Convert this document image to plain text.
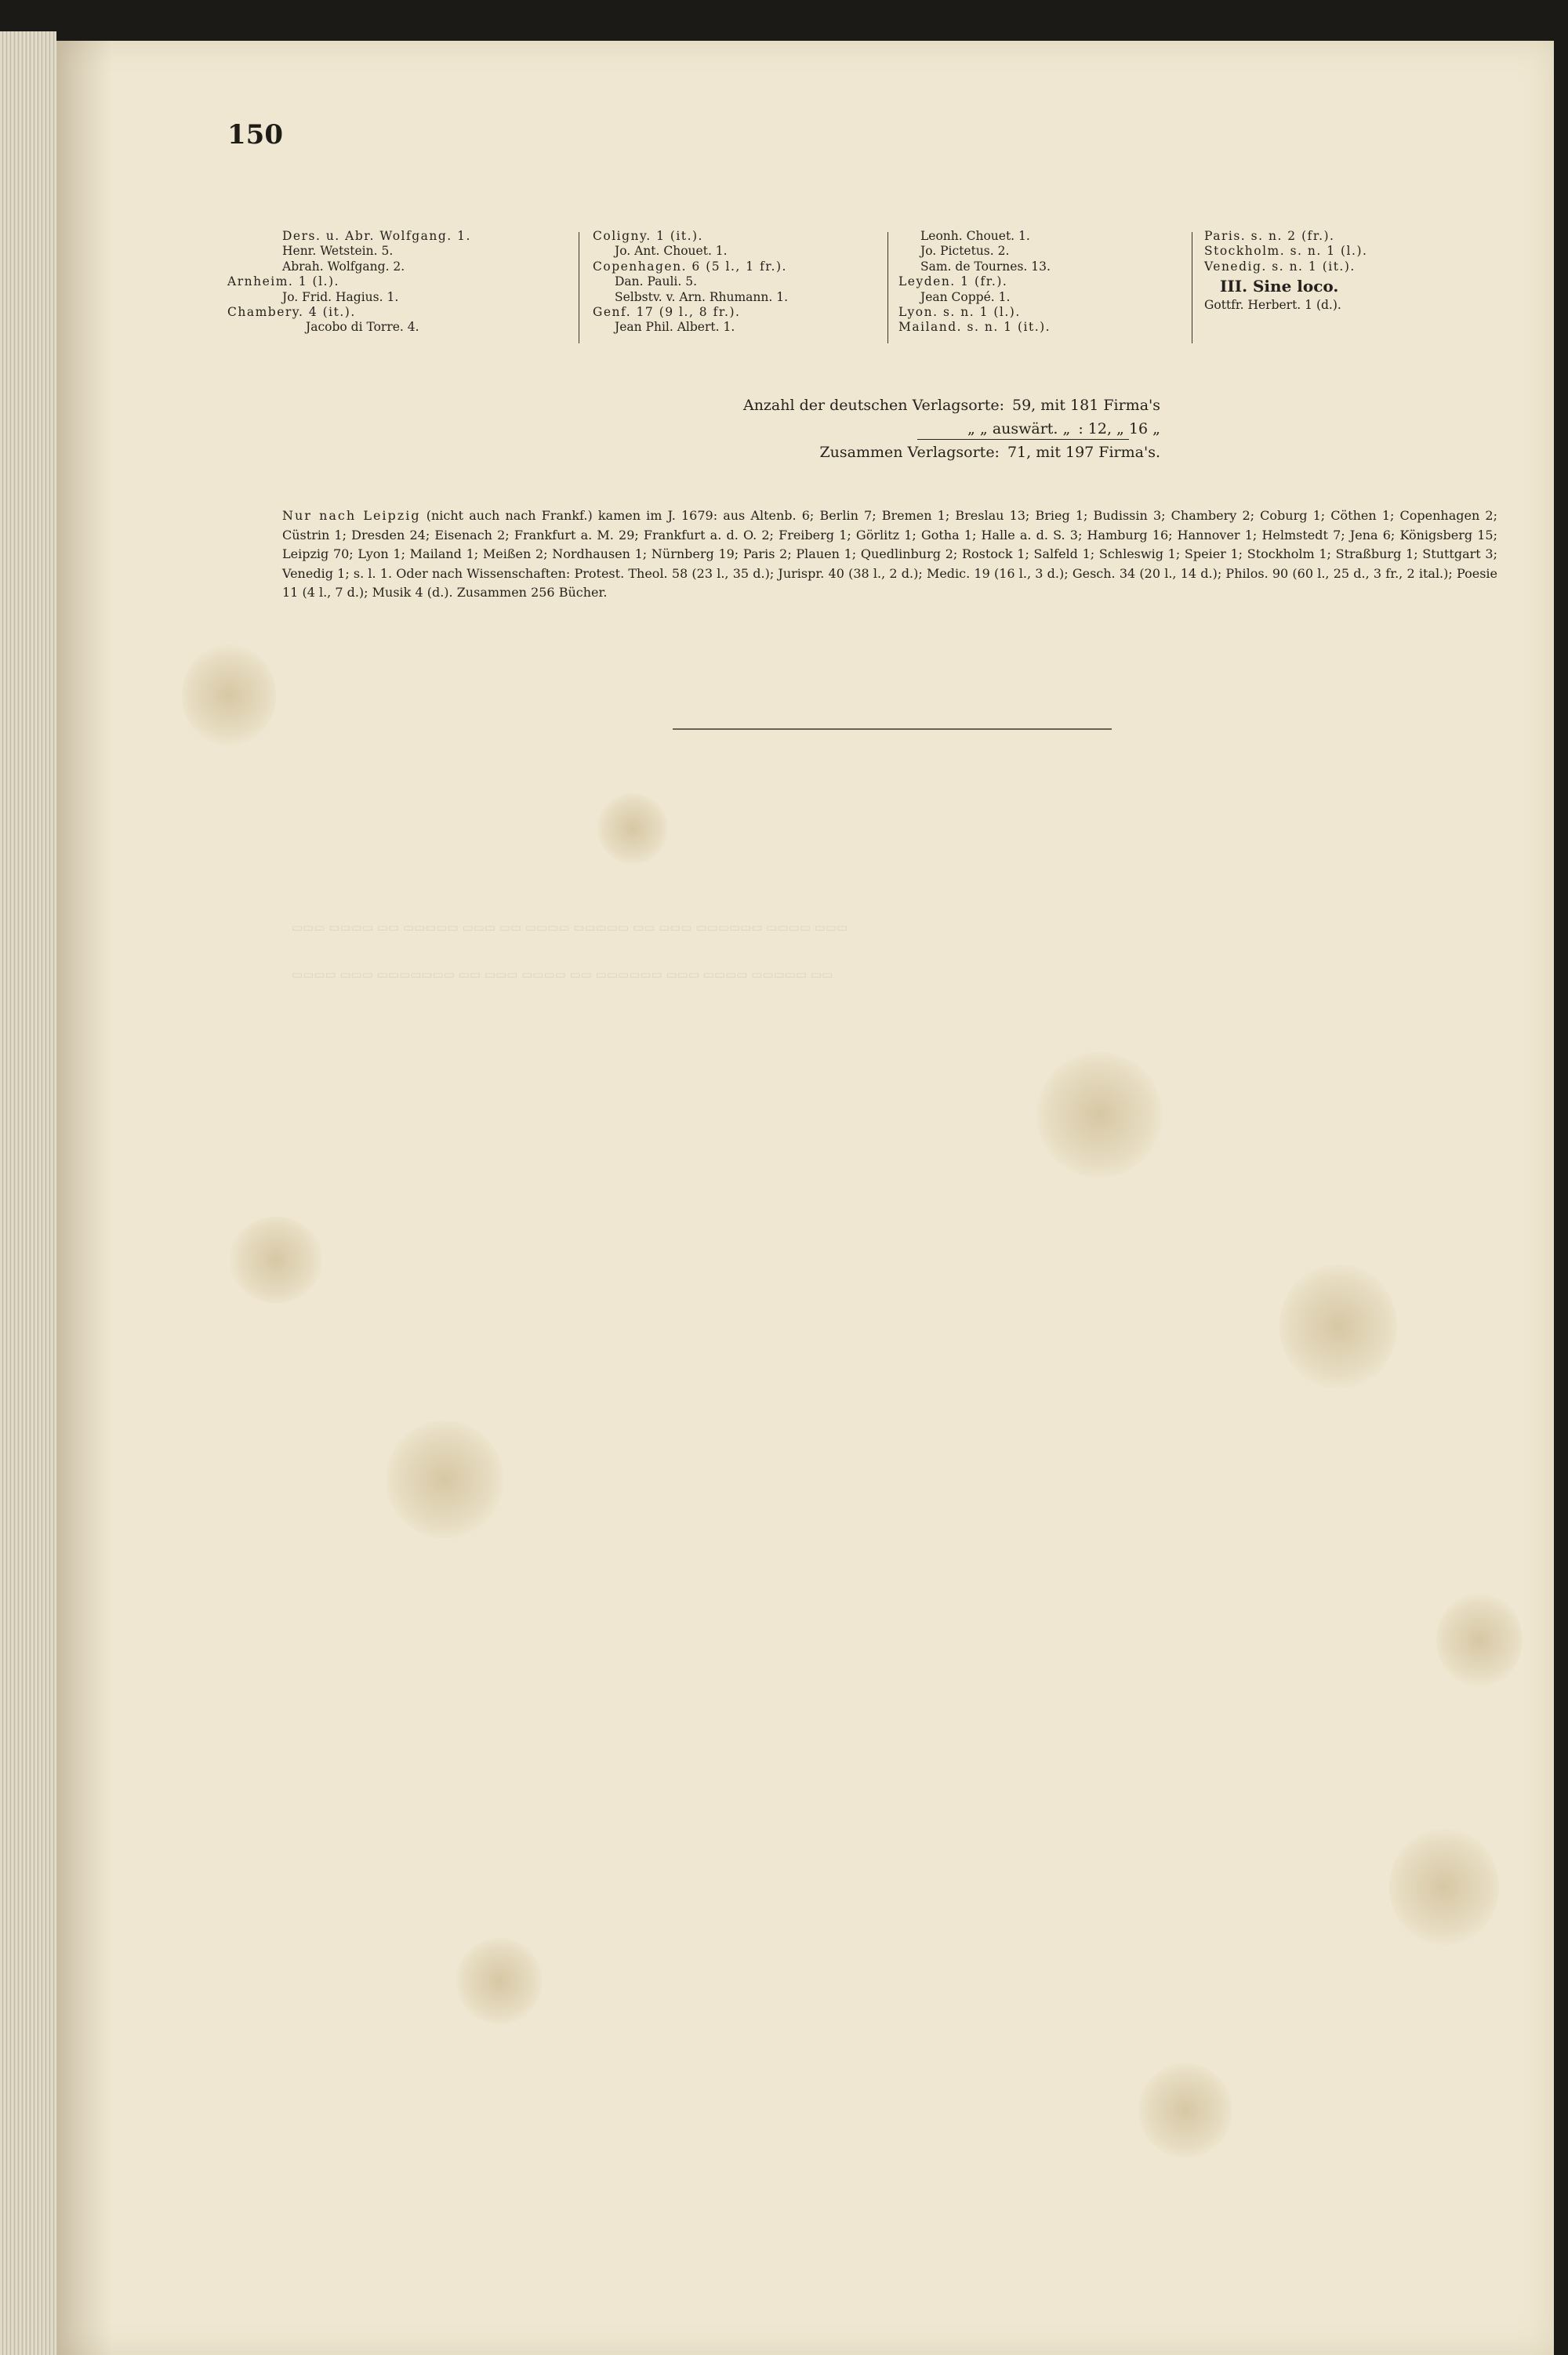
▭▭▭ ▭▭▭▭ ▭▭ ▭▭▭▭▭ ▭▭▭ ▭▭ ▭▭▭▭ ▭▭▭▭▭ ▭▭ ▭▭▭ ▭▭▭▭▭▭ ▭▭▭▭ ▭▭▭
▭▭▭▭ ▭▭▭ ▭▭▭▭▭▭▭ ▭▭ ▭▭▭ ▭▭▭▭ ▭▭ ▭▭▭▭▭▭ ▭▭▭ ▭▭▭▭ ▭▭▭▭▭ ▭▭
150
Ders. u. Abr. Wolfgang. 1.
Henr. Wetstein. 5.
Abrah. Wolfgang. 2.
Arnheim. 1 (l.).
Jo. Frid. Hagius. 1.
Chambery. 4 (it.).
Jacobo di Torre. 4.
Coligny. 1 (it.).
Jo. Ant. Chouet. 1.
Copenhagen. 6 (5 l., 1 fr.).
Dan. Pauli. 5.
Selbstv. v. Arn. Rhumann. 1.
Genf. 17 (9 l., 8 fr.).
Jean Phil. Albert. 1.
Leonh. Chouet. 1.
Jo. Pictetus. 2.
Sam. de Tournes. 13.
Leyden. 1 (fr.).
Jean Coppé. 1.
Lyon. s. n. 1 (l.).
Mailand. s. n. 1 (it.).
Paris. s. n. 2 (fr.).
Stockholm. s. n. 1 (l.).
Venedig. s. n. 1 (it.).
III. Sine loco.
Gottfr. Herbert. 1 (d.).
Anzahl der deutschen Verlagsorte: 59, mit 181 Firma's
„ „ auswärt. „ : 12, „ 16 „
Zusammen Verlagsorte: 71, mit 197 Firma's.
Nur nach Leipzig (nicht auch nach Frankf.) kamen im J. 1679: aus Altenb. 6; Berlin 7; Bremen 1; Breslau 13; Brieg 1; Budissin 3; Chambery 2; Coburg 1; Cöthen 1; Copenhagen 2; Cüstrin 1; Dresden 24; Eisenach 2; Frankfurt a. M. 29; Frankfurt a. d. O. 2; Freiberg 1; Görlitz 1; Gotha 1; Halle a. d. S. 3; Hamburg 16; Hannover 1; Helmstedt 7; Jena 6; Königsberg 15; Leipzig 70; Lyon 1; Mailand 1; Meißen 2; Nordhausen 1; Nürnberg 19; Paris 2; Plauen 1; Quedlinburg 2; Rostock 1; Salfeld 1; Schleswig 1; Speier 1; Stockholm 1; Straßburg 1; Stuttgart 3; Venedig 1; s. l. 1. Oder nach Wissenschaften: Protest. Theol. 58 (23 l., 35 d.); Jurispr. 40 (38 l., 2 d.); Medic. 19 (16 l., 3 d.); Gesch. 34 (20 l., 14 d.); Philos. 90 (60 l., 25 d., 3 fr., 2 ital.); Poesie 11 (4 l., 7 d.); Musik 4 (d.). Zusammen 256 Bücher.
